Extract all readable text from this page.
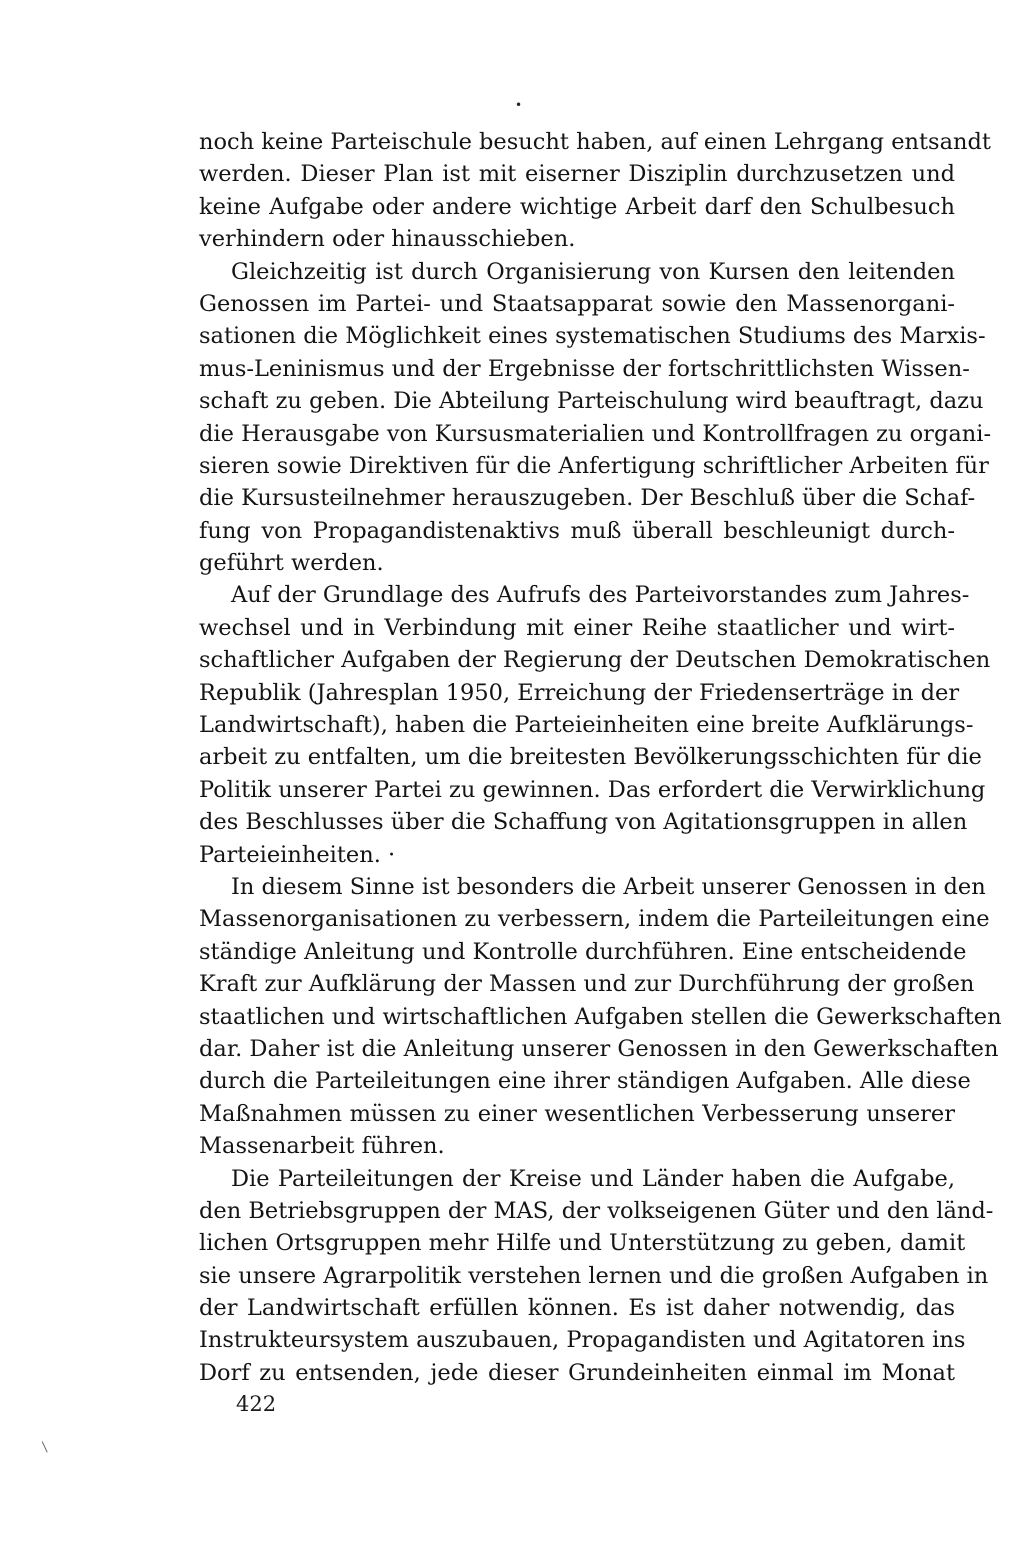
•
noch keine Parteischule besucht haben, auf einen Lehrgang entsandt
werden. Dieser Plan ist mit eiserner Disziplin durchzusetzen und
keine Aufgabe oder andere wichtige Arbeit darf den Schulbesuch
verhindern oder hinausschieben.
Gleichzeitig ist durch Organisierung von Kursen den leitenden
Genossen im Partei- und Staatsapparat sowie den Massenorgani-
sationen die Möglichkeit eines systematischen Studiums des Marxis-
mus-Leninismus und der Ergebnisse der fortschrittlichsten Wissen-
schaft zu geben. Die Abteilung Parteischulung wird beauftragt, dazu
die Herausgabe von Kursusmaterialien und Kontrollfragen zu organi-
sieren sowie Direktiven für die Anfertigung schriftlicher Arbeiten für
die Kursusteilnehmer herauszugeben. Der Beschluß über die Schaf-
fung von Propagandistenaktivs muß überall beschleunigt durch-
geführt werden.
Auf der Grundlage des Aufrufs des Parteivorstandes zum Jahres-
wechsel und in Verbindung mit einer Reihe staatlicher und wirt-
schaftlicher Aufgaben der Regierung der Deutschen Demokratischen
Republik (Jahresplan 1950, Erreichung der Friedenserträge in der
Landwirtschaft), haben die Parteieinheiten eine breite Aufklärungs-
arbeit zu entfalten, um die breitesten Bevölkerungsschichten für die
Politik unserer Partei zu gewinnen. Das erfordert die Verwirklichung
des Beschlusses über die Schaffung von Agitationsgruppen in allen
Parteieinheiten. ·
In diesem Sinne ist besonders die Arbeit unserer Genossen in den
Massenorganisationen zu verbessern, indem die Parteileitungen eine
ständige Anleitung und Kontrolle durchführen. Eine entscheidende
Kraft zur Aufklärung der Massen und zur Durchführung der großen
staatlichen und wirtschaftlichen Aufgaben stellen die Gewerkschaften
dar. Daher ist die Anleitung unserer Genossen in den Gewerkschaften
durch die Parteileitungen eine ihrer ständigen Aufgaben. Alle diese
Maßnahmen müssen zu einer wesentlichen Verbesserung unserer
Massenarbeit führen.
Die Parteileitungen der Kreise und Länder haben die Aufgabe,
den Betriebsgruppen der MAS, der volkseigenen Güter und den länd-
lichen Ortsgruppen mehr Hilfe und Unterstützung zu geben, damit
sie unsere Agrarpolitik verstehen lernen und die großen Aufgaben in
der Landwirtschaft erfüllen können. Es ist daher notwendig, das
Instrukteursystem auszubauen, Propagandisten und Agitatoren ins
Dorf zu entsenden, jede dieser Grundeinheiten einmal im Monat
422
